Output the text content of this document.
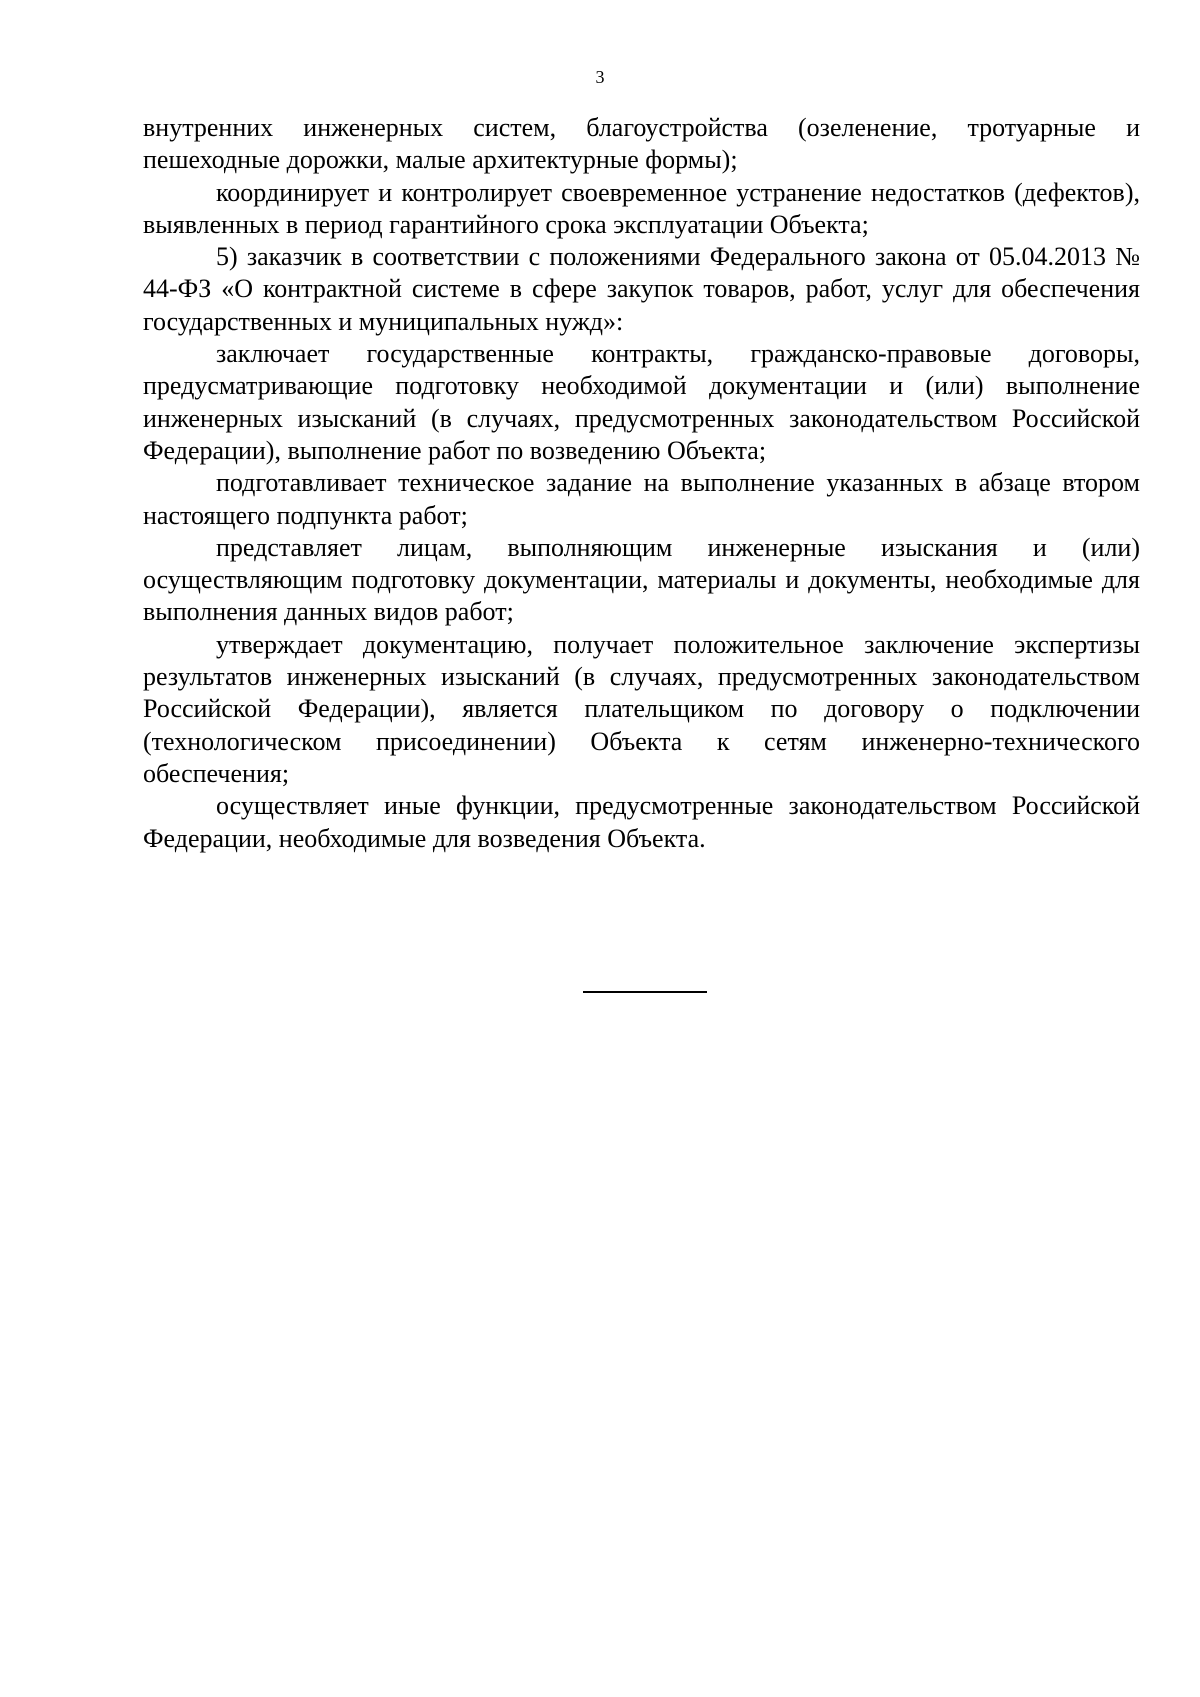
3

внутренних инженерных систем, благоустройства (озеленение, тротуарные и пешеходные дорожки, малые архитектурные формы);

координирует и контролирует своевременное устранение недостатков (дефектов), выявленных в период гарантийного срока эксплуатации Объекта;

5) заказчик в соответствии с положениями Федерального закона от 05.04.2013 № 44-ФЗ «О контрактной системе в сфере закупок товаров, работ, услуг для обеспечения государственных и муниципальных нужд»:

заключает государственные контракты, гражданско-правовые договоры, предусматривающие подготовку необходимой документации и (или) выполнение инженерных изысканий (в случаях, предусмотренных законодательством Российской Федерации), выполнение работ по возведению Объекта;

подготавливает техническое задание на выполнение указанных в абзаце втором настоящего подпункта работ;

представляет лицам, выполняющим инженерные изыскания и (или) осуществляющим подготовку документации, материалы и документы, необходимые для выполнения данных видов работ;

утверждает документацию, получает положительное заключение экспертизы результатов инженерных изысканий (в случаях, предусмотренных законодательством Российской Федерации), является плательщиком по договору о подключении (технологическом присоединении) Объекта к сетям инженерно-технического обеспечения;

осуществляет иные функции, предусмотренные законодательством Российской Федерации, необходимые для возведения Объекта.
